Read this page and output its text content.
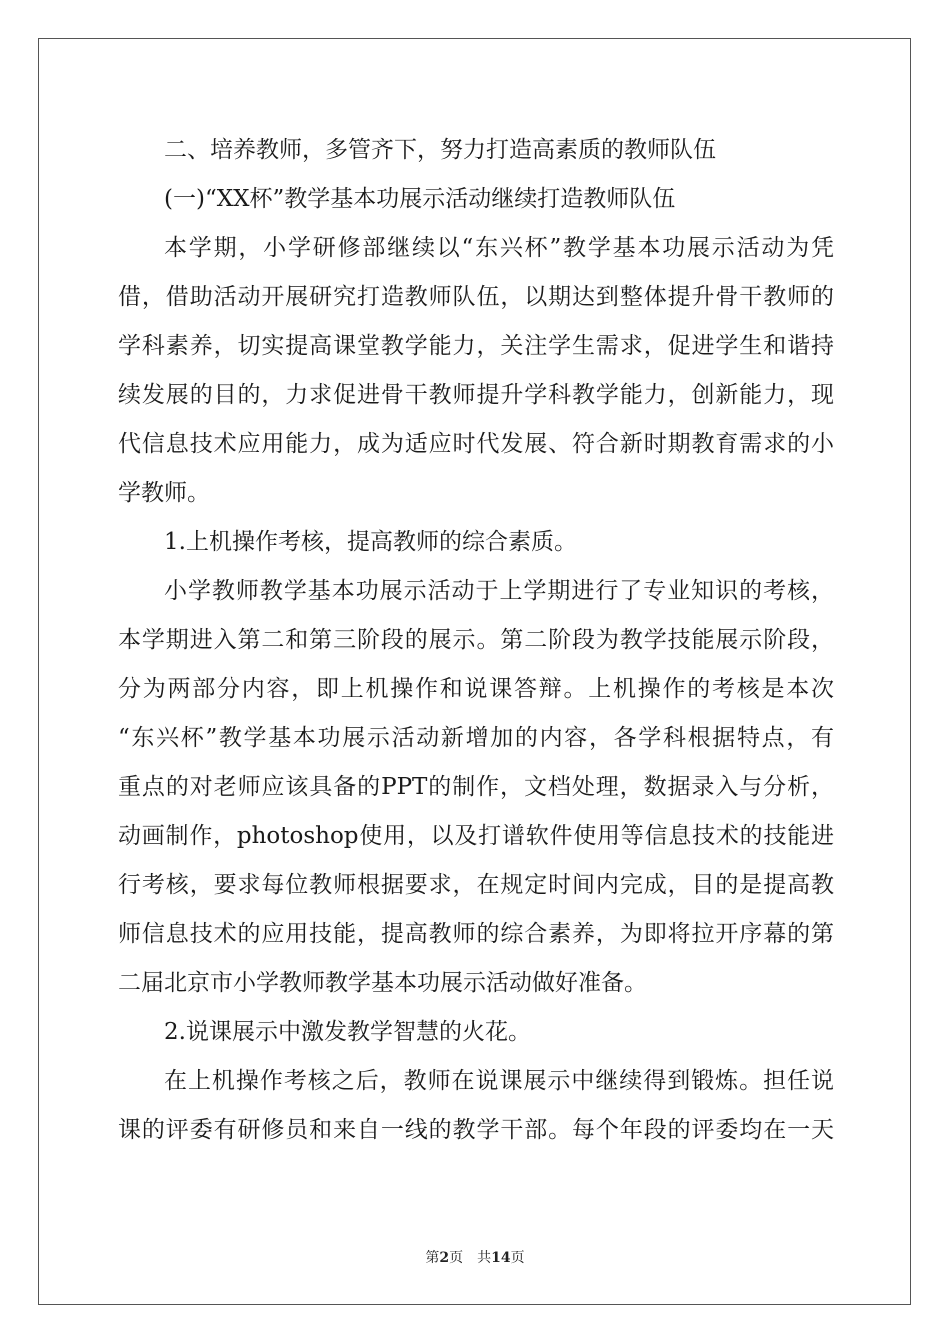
二、培养教师，多管齐下，努力打造高素质的教师队伍
(一)“XX杯”教学基本功展示活动继续打造教师队伍
本学期，小学研修部继续以“东兴杯”教学基本功展示活动为凭
借，借助活动开展研究打造教师队伍，以期达到整体提升骨干教师的
学科素养，切实提高课堂教学能力，关注学生需求，促进学生和谐持
续发展的目的，力求促进骨干教师提升学科教学能力，创新能力，现
代信息技术应用能力，成为适应时代发展、符合新时期教育需求的小
学教师。
1.上机操作考核，提高教师的综合素质。
小学教师教学基本功展示活动于上学期进行了专业知识的考核，
本学期进入第二和第三阶段的展示。第二阶段为教学技能展示阶段，
分为两部分内容，即上机操作和说课答辩。上机操作的考核是本次
“东兴杯”教学基本功展示活动新增加的内容，各学科根据特点，有
重点的对老师应该具备的PPT的制作，文档处理，数据录入与分析，
动画制作，photoshop使用，以及打谱软件使用等信息技术的技能进
行考核，要求每位教师根据要求，在规定时间内完成，目的是提高教
师信息技术的应用技能，提高教师的综合素养，为即将拉开序幕的第
二届北京市小学教师教学基本功展示活动做好准备。
2.说课展示中激发教学智慧的火花。
在上机操作考核之后，教师在说课展示中继续得到锻炼。担任说
课的评委有研修员和来自一线的教学干部。每个年段的评委均在一天
第2页 共14页
